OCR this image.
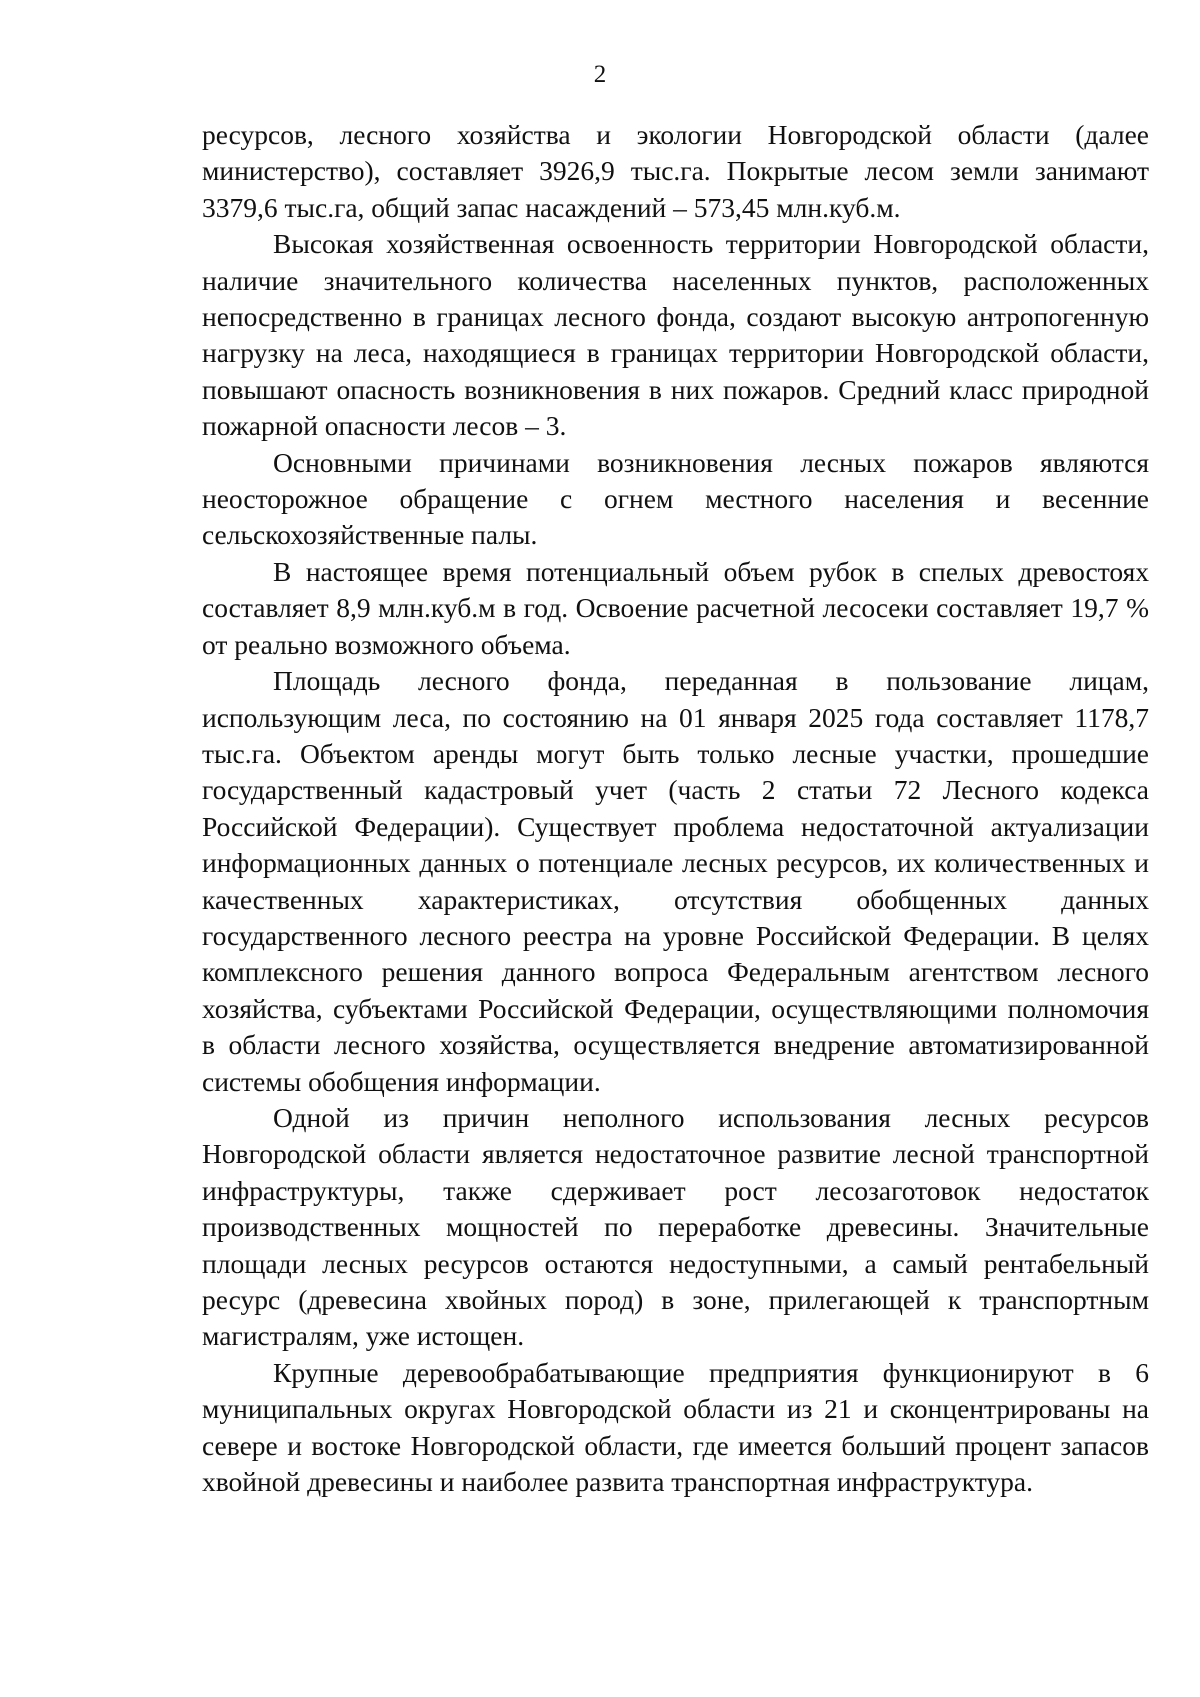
2

ресурсов, лесного хозяйства и экологии Новгородской области (далее министерство), составляет 3926,9 тыс.га. Покрытые лесом земли занимают 3379,6 тыс.га, общий запас насаждений – 573,45 млн.куб.м.

Высокая хозяйственная освоенность территории Новгородской области, наличие значительного количества населенных пунктов, расположенных непосредственно в границах лесного фонда, создают высокую антропогенную нагрузку на леса, находящиеся в границах территории Новгородской области, повышают опасность возникновения в них пожаров. Средний класс природной пожарной опасности лесов – 3.

Основными причинами возникновения лесных пожаров являются неосторожное обращение с огнем местного населения и весенние сельскохозяйственные палы.

В настоящее время потенциальный объем рубок в спелых древостоях составляет 8,9 млн.куб.м в год. Освоение расчетной лесосеки составляет 19,7 % от реально возможного объема.

Площадь лесного фонда, переданная в пользование лицам, использующим леса, по состоянию на 01 января 2025 года составляет 1178,7 тыс.га. Объектом аренды могут быть только лесные участки, прошедшие государственный кадастровый учет (часть 2 статьи 72 Лесного кодекса Российской Федерации). Существует проблема недостаточной актуализации информационных данных о потенциале лесных ресурсов, их количественных и качественных характеристиках, отсутствия обобщенных данных государственного лесного реестра на уровне Российской Федерации. В целях комплексного решения данного вопроса Федеральным агентством лесного хозяйства, субъектами Российской Федерации, осуществляющими полномочия в области лесного хозяйства, осуществляется внедрение автоматизированной системы обобщения информации.

Одной из причин неполного использования лесных ресурсов Новгородской области является недостаточное развитие лесной транспортной инфраструктуры, также сдерживает рост лесозаготовок недостаток производственных мощностей по переработке древесины. Значительные площади лесных ресурсов остаются недоступными, а самый рентабельный ресурс (древесина хвойных пород) в зоне, прилегающей к транспортным магистралям, уже истощен.

Крупные деревообрабатывающие предприятия функционируют в 6 муниципальных округах Новгородской области из 21 и сконцентрированы на севере и востоке Новгородской области, где имеется больший процент запасов хвойной древесины и наиболее развита транспортная инфраструктура.
